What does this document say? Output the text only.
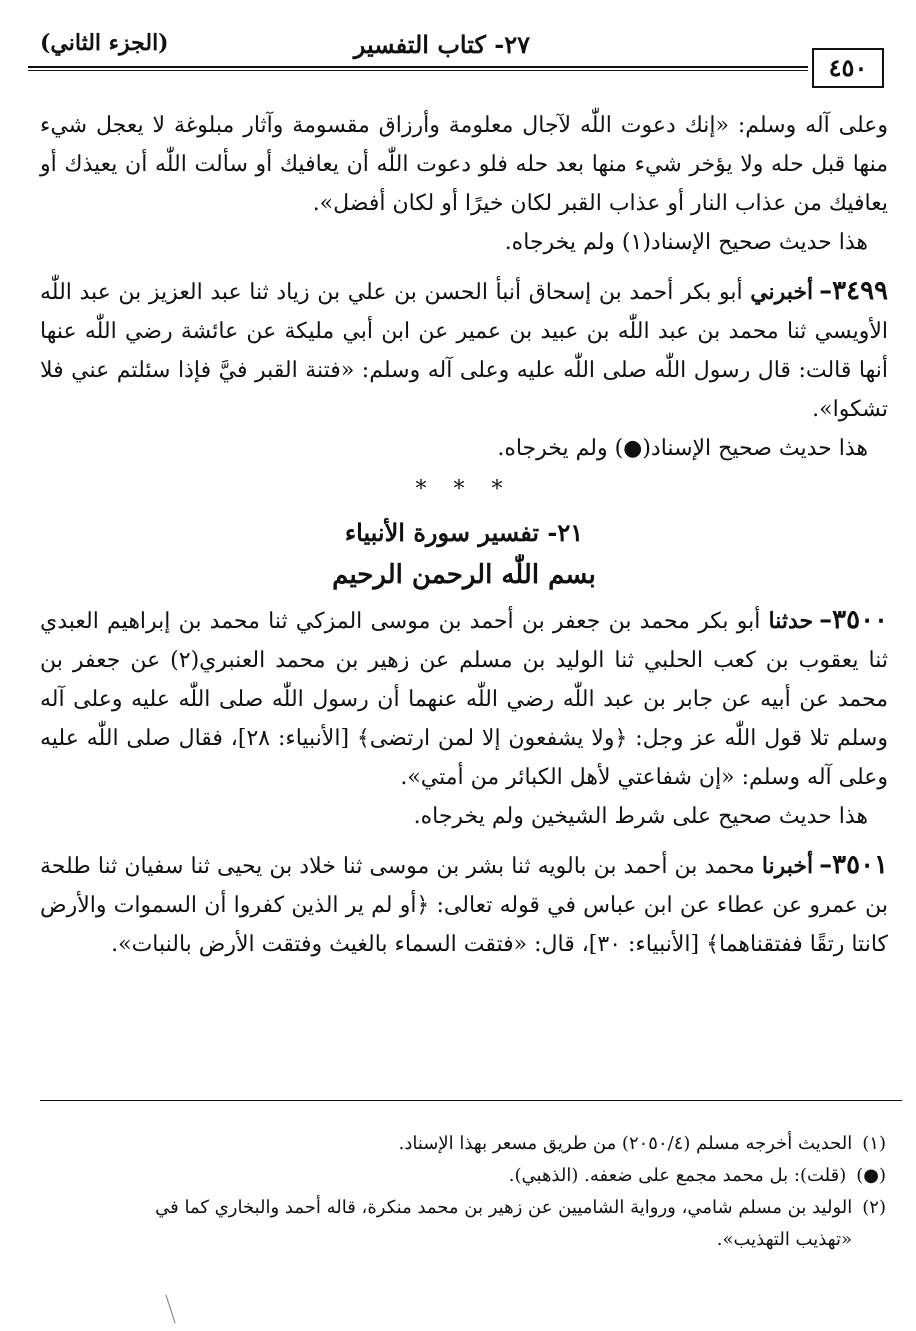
٤٥٠
٢٧- كتاب التفسير
(الجزء الثاني)

وعلى آله وسلم: «إنك دعوت اللّٰه لآجال معلومة وأرزاق مقسومة وآثار مبلوغة لا يعجل شيء منها قبل حله ولا يؤخر شيء منها بعد حله فلو دعوت اللّٰه أن يعافيك أو سألت اللّٰه أن يعيذك أو يعافيك من عذاب النار أو عذاب القبر لكان خيرًا أو لكان أفضل».

هذا حديث صحيح الإسناد(١) ولم يخرجاه.

٣٤٩٩–أخبرني أبو بكر أحمد بن إسحاق أنبأ الحسن بن علي بن زياد ثنا عبد العزيز بن عبد اللّٰه الأويسي ثنا محمد بن عبد اللّٰه بن عبيد بن عمير عن ابن أبي مليكة عن عائشة رضي اللّٰه عنها أنها قالت: قال رسول اللّٰه صلى اللّٰه عليه وعلى آله وسلم: «فتنة القبر فيَّ فإذا سئلتم عني فلا تشكوا».

هذا حديث صحيح الإسناد(●) ولم يخرجاه.

* * *
٢١- تفسير سورة الأنبياء
بسم اللّٰه الرحمن الرحيم

٣٥٠٠–حدثنا أبو بكر محمد بن جعفر بن أحمد بن موسى المزكي ثنا محمد بن إبراهيم العبدي ثنا يعقوب بن كعب الحلبي ثنا الوليد بن مسلم عن زهير بن محمد العنبري(٢) عن جعفر بن محمد عن أبيه عن جابر بن عبد اللّٰه رضي اللّٰه عنهما أن رسول اللّٰه صلى اللّٰه عليه وعلى آله وسلم تلا قول اللّٰه عز وجل: ﴿ولا يشفعون إلا لمن ارتضى﴾ [الأنبياء: ٢٨]، فقال صلى اللّٰه عليه وعلى آله وسلم: «إن شفاعتي لأهل الكبائر من أمتي».

هذا حديث صحيح على شرط الشيخين ولم يخرجاه.

٣٥٠١–أخبرنا محمد بن أحمد بن بالويه ثنا بشر بن موسى ثنا خلاد بن يحيى ثنا سفيان ثنا طلحة بن عمرو عن عطاء عن ابن عباس في قوله تعالى: ﴿أو لم ير الذين كفروا أن السموات والأرض كانتا رتقًا ففتقناهما﴾ [الأنبياء: ٣٠]، قال: «فتقت السماء بالغيث وفتقت الأرض بالنبات».

(١)الحديث أخرجه مسلم (٢٠٥٠/٤) من طريق مسعر بهذا الإسناد.

(●)(قلت): بل محمد مجمع على ضعفه. (الذهبي).

(٢)الوليد بن مسلم شامي، ورواية الشاميين عن زهير بن محمد منكرة، قاله أحمد والبخاري كما في

«تهذيب التهذيب».
